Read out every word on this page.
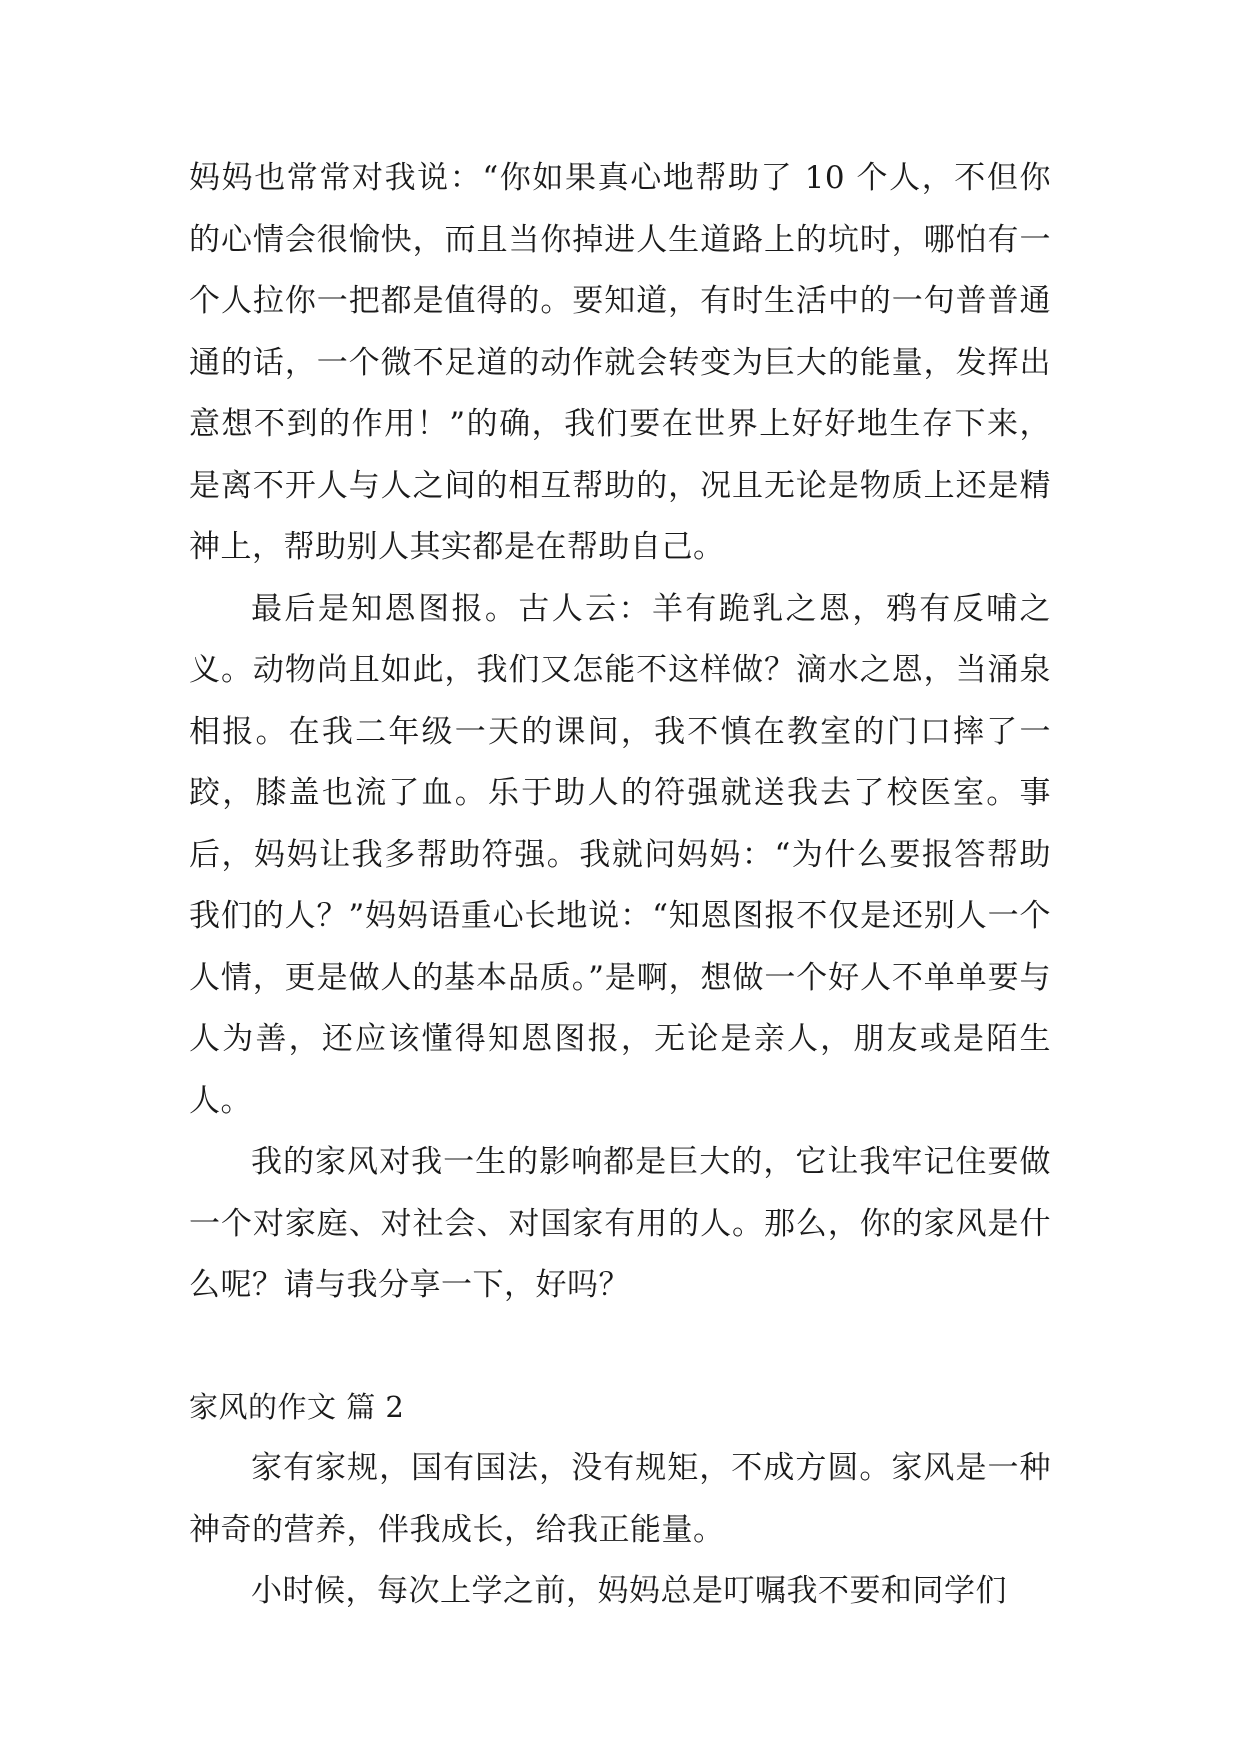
妈妈也常常对我说：“你如果真心地帮助了 10 个人，不但你的心情会很愉快，而且当你掉进人生道路上的坑时，哪怕有一个人拉你一把都是值得的。要知道，有时生活中的一句普普通通的话，一个微不足道的动作就会转变为巨大的能量，发挥出意想不到的作用！”的确，我们要在世界上好好地生存下来，是离不开人与人之间的相互帮助的，况且无论是物质上还是精神上，帮助别人其实都是在帮助自己。

最后是知恩图报。古人云：羊有跪乳之恩，鸦有反哺之义。动物尚且如此，我们又怎能不这样做？滴水之恩，当涌泉相报。在我二年级一天的课间，我不慎在教室的门口摔了一跤，膝盖也流了血。乐于助人的符强就送我去了校医室。事后，妈妈让我多帮助符强。我就问妈妈：“为什么要报答帮助我们的人？”妈妈语重心长地说：“知恩图报不仅是还别人一个人情，更是做人的基本品质。”是啊，想做一个好人不单单要与人为善，还应该懂得知恩图报，无论是亲人，朋友或是陌生人。

我的家风对我一生的影响都是巨大的，它让我牢记住要做一个对家庭、对社会、对国家有用的人。那么，你的家风是什么呢？请与我分享一下，好吗？

家风的作文 篇 2

家有家规，国有国法，没有规矩，不成方圆。家风是一种神奇的营养，伴我成长，给我正能量。

小时候，每次上学之前，妈妈总是叮嘱我不要和同学们
